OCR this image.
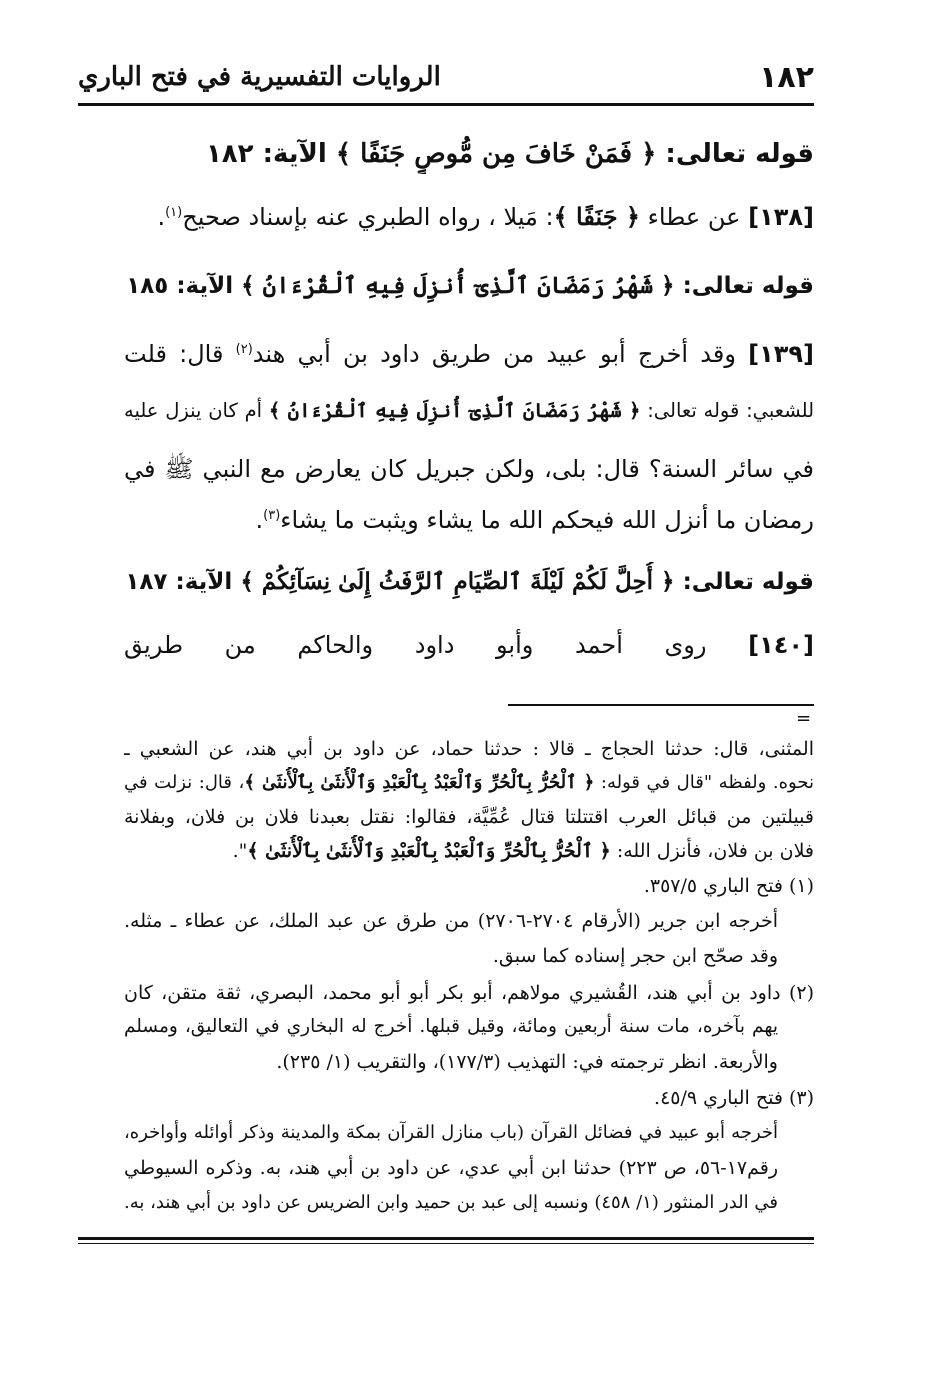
١٨٢
الروايات التفسيرية في فتح الباري
قوله تعالى: ﴿ فَمَنْ خَافَ مِن مُّوصٍ جَنَفًا ﴾ الآية: ١٨٢
[١٣٨] عن عطاء ﴿ جَنَفًا ﴾: مَيلا ، رواه الطبري عنه بإسناد صحيح$^{(١)}$.
قوله تعالى: ﴿ شَهْرُ رَمَضَانَ ٱلَّذِىٓ أُنزِلَ فِيهِ ٱلْقُرْءَانُ ﴾ الآية: ١٨٥
[١٣٩] وقد أخرج أبو عبيد من طريق داود بن أبي هند$^{(٢)}$ قال: قلت
للشعبي: قوله تعالى: ﴿ شَهْرُ رَمَضَانَ ٱلَّذِىٓ أُنزِلَ فِيهِ ٱلْقُرْءَانُ ﴾ أم كان ينزل عليه
في سائر السنة؟ قال: بلى، ولكن جبريل كان يعارض مع النبي ﷺ في
رمضان ما أنزل الله فيحكم الله ما يشاء ويثبت ما يشاء$^{(٣)}$.
قوله تعالى: ﴿ أُحِلَّ لَكُمْ لَيْلَةَ ٱلصِّيَامِ ٱلرَّفَثُ إِلَىٰ نِسَآئِكُمْ ﴾ الآية: ١٨٧
[١٤٠] روى أحمد وأبو داود والحاكم من طريق
=
المثنى، قال: حدثنا الحجاج ـ قالا : حدثنا حماد، عن داود بن أبي هند، عن الشعبي ـ
نحوه. ولفظه "قال في قوله: ﴿ ٱلْحُرُّ بِٱلْحُرِّ وَٱلْعَبْدُ بِٱلْعَبْدِ وَٱلْأُنثَىٰ بِٱلْأُنثَىٰ ﴾، قال: نزلت في
قبيلتين من قبائل العرب اقتتلتا قتال عُمِّيَّة، فقالوا: نقتل بعبدنا فلان بن فلان، وبفلانة
فلان بن فلان، فأنزل الله: ﴿ ٱلْحُرُّ بِٱلْحُرِّ وَٱلْعَبْدُ بِٱلْعَبْدِ وَٱلْأُنثَىٰ بِٱلْأُنثَىٰ ﴾".
(١) فتح الباري ٣٥٧/٥.
أخرجه ابن جرير (الأرقام ٢٧٠٤-٢٧٠٦) من طرق عن عبد الملك، عن عطاء ـ مثله.
وقد صحّح ابن حجر إسناده كما سبق.
(٢) داود بن أبي هند، القُشيري مولاهم، أبو بكر أبو أبو محمد، البصري، ثقة متقن، كان
يهم بآخره، مات سنة أربعين ومائة، وقيل قبلها. أخرج له البخاري في التعاليق، ومسلم
والأربعة. انظر ترجمته في: التهذيب (١٧٧/٣)، والتقريب (١/ ٢٣٥).
(٣) فتح الباري ٤٥/٩.
أخرجه أبو عبيد في فضائل القرآن (باب منازل القرآن بمكة والمدينة وذكر أوائله وأواخره،
رقم١٧-٥٦، ص ٢٢٣) حدثنا ابن أبي عدي، عن داود بن أبي هند، به. وذكره السيوطي
في الدر المنثور (١/ ٤٥٨) ونسبه إلى عبد بن حميد وابن الضريس عن داود بن أبي هند، به.
